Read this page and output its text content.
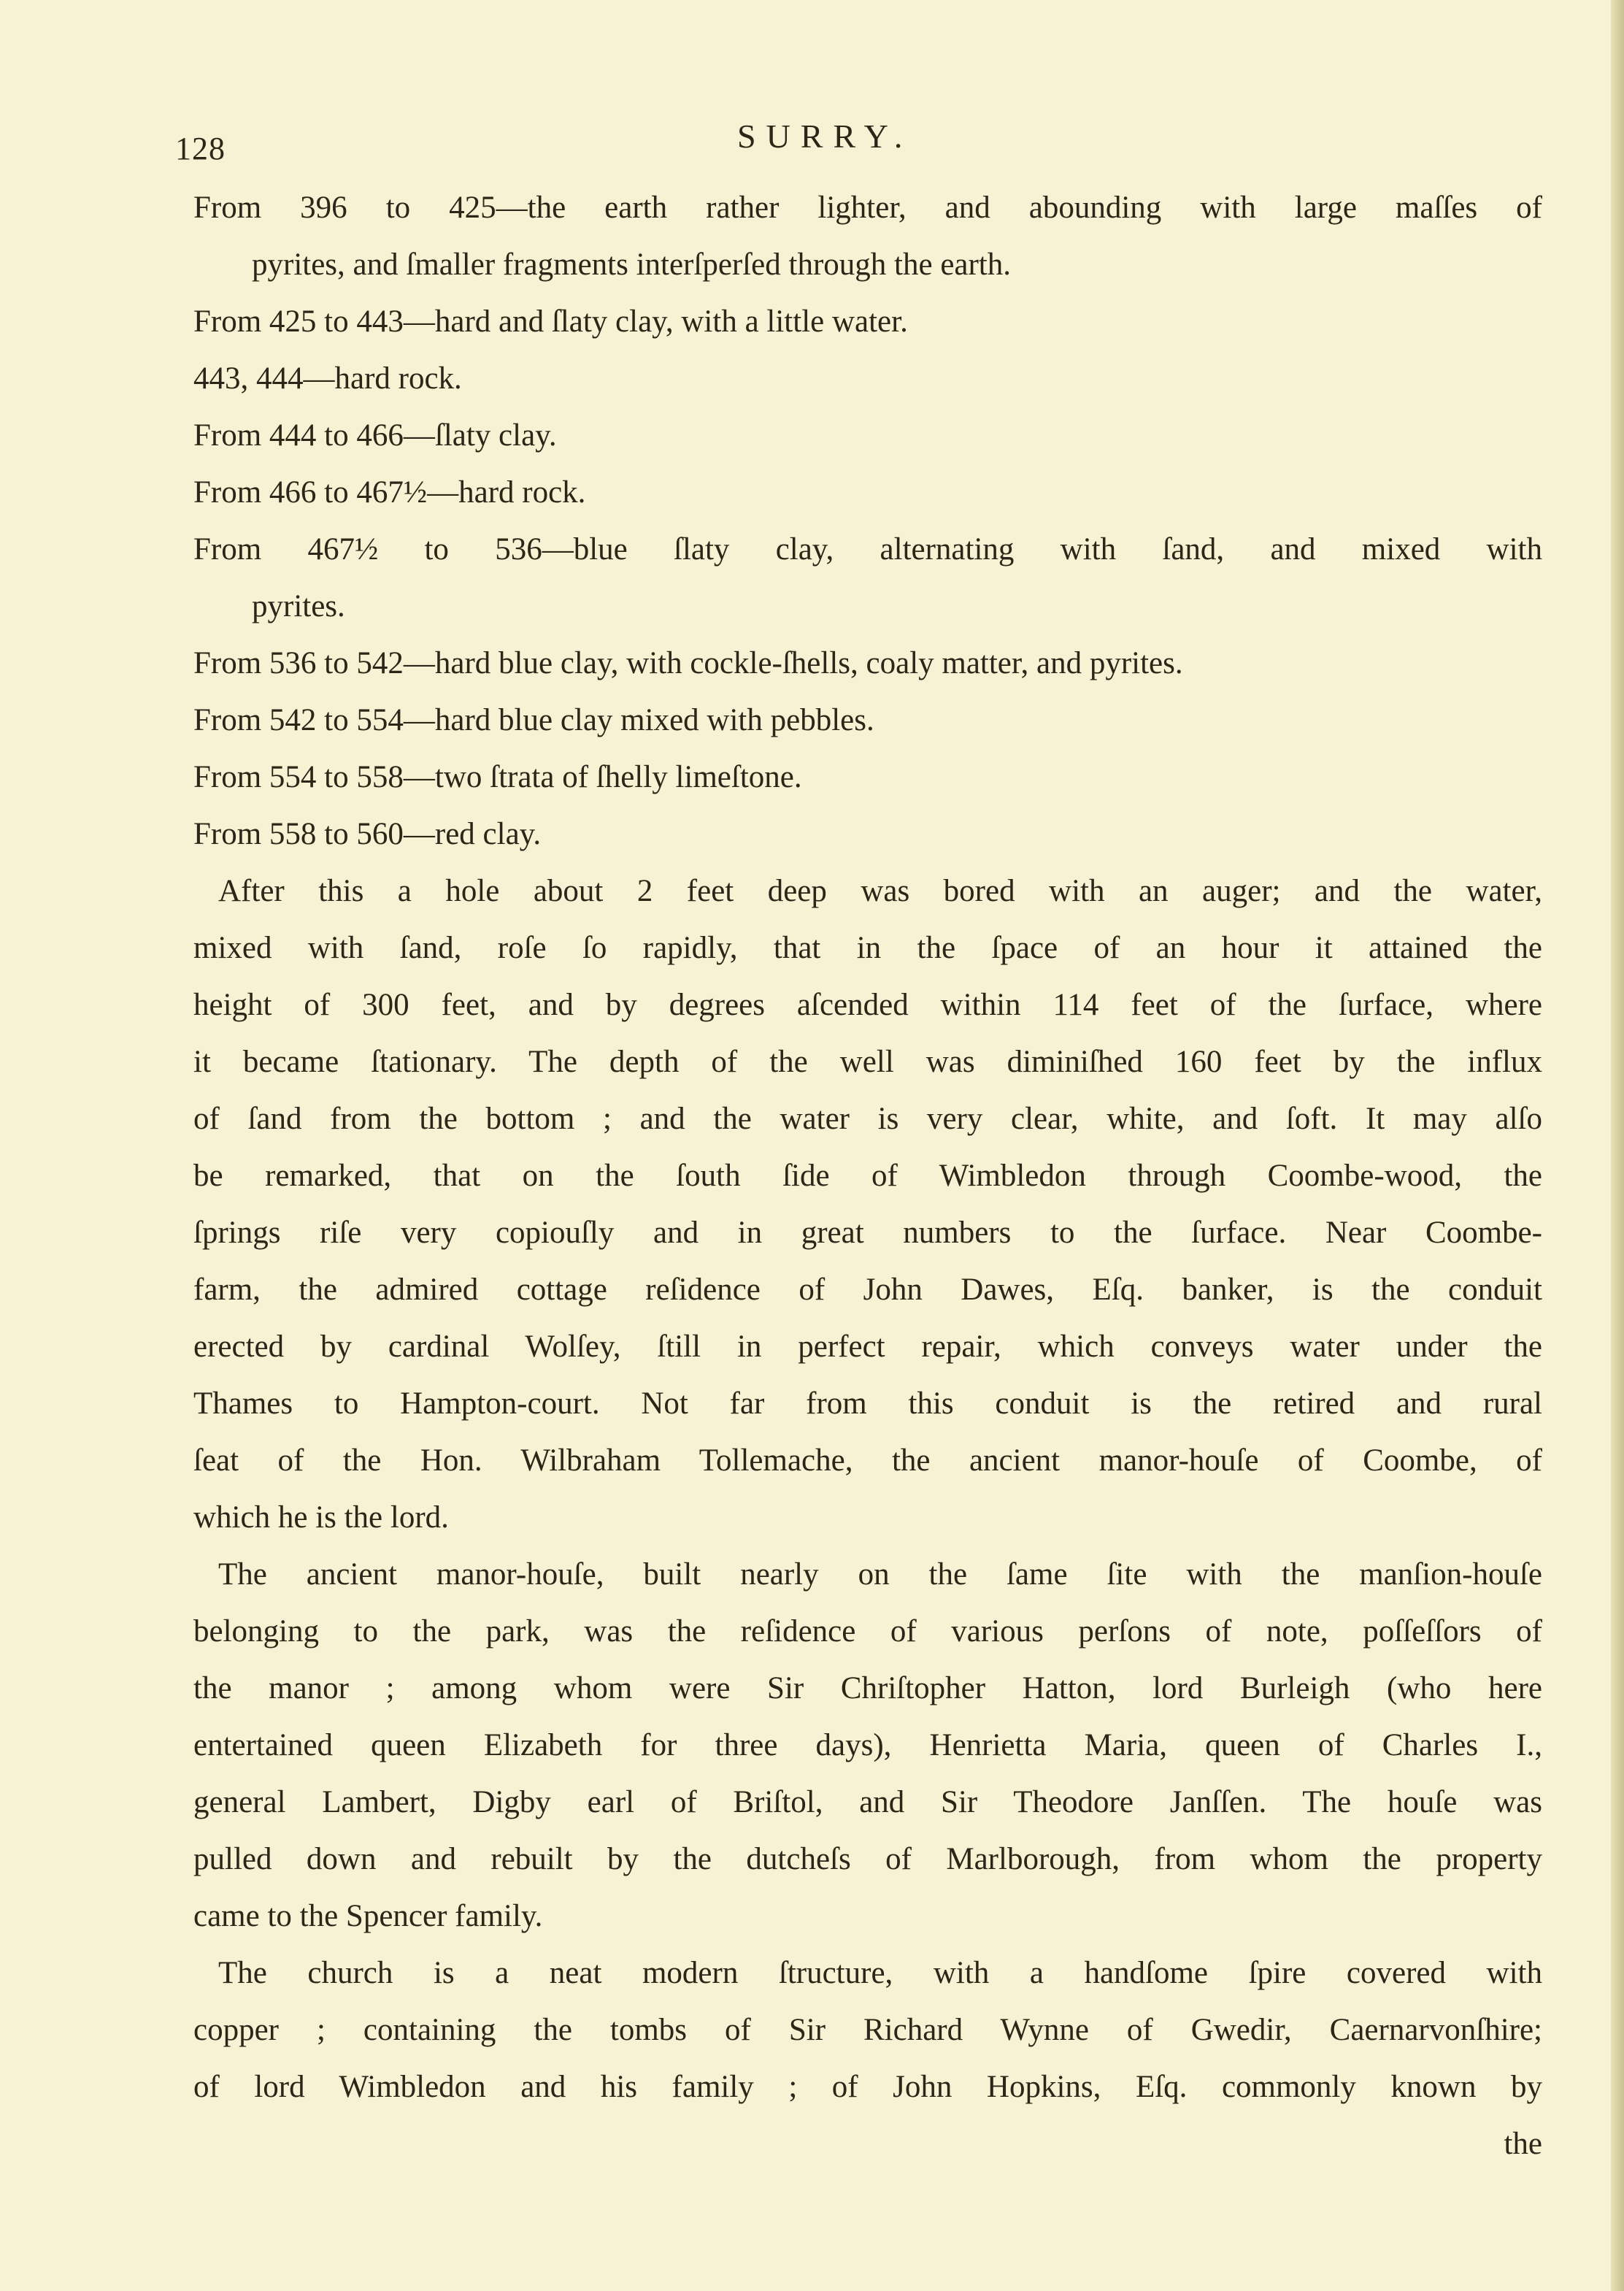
128	SURRY.
From 396 to 425—the earth rather lighter, and abounding with large maſſes of
pyrites, and ſmaller fragments interſperſed through the earth.
From 425 to 443—hard and ſlaty clay, with a little water.
443, 444—hard rock.
From 444 to 466—ſlaty clay.
From 466 to 467½—hard rock.
From 467½ to 536—blue ſlaty clay, alternating with ſand, and mixed with
pyrites.
From 536 to 542—hard blue clay, with cockle-ſhells, coaly matter, and pyrites.
From 542 to 554—hard blue clay mixed with pebbles.
From 554 to 558—two ſtrata of ſhelly limeſtone.
From 558 to 560—red clay.
After this a hole about 2 feet deep was bored with an auger; and the water,
mixed with ſand, roſe ſo rapidly, that in the ſpace of an hour it attained the
height of 300 feet, and by degrees aſcended within 114 feet of the ſurface, where
it became ſtationary. The depth of the well was diminiſhed 160 feet by the influx
of ſand from the bottom ; and the water is very clear, white, and ſoft. It may alſo
be remarked, that on the ſouth ſide of Wimbledon through Coombe-wood, the
ſprings riſe very copiouſly and in great numbers to the ſurface. Near Coombe-
farm, the admired cottage reſidence of John Dawes, Eſq. banker, is the conduit
erected by cardinal Wolſey, ſtill in perfect repair, which conveys water under the
Thames to Hampton-court. Not far from this conduit is the retired and rural
ſeat of the Hon. Wilbraham Tollemache, the ancient manor-houſe of Coombe, of
which he is the lord.
The ancient manor-houſe, built nearly on the ſame ſite with the manſion-houſe
belonging to the park, was the reſidence of various perſons of note, poſſeſſors of
the manor ; among whom were Sir Chriſtopher Hatton, lord Burleigh (who here
entertained queen Elizabeth for three days), Henrietta Maria, queen of Charles I.,
general Lambert, Digby earl of Briſtol, and Sir Theodore Janſſen. The houſe was
pulled down and rebuilt by the dutcheſs of Marlborough, from whom the property
came to the Spencer family.
The church is a neat modern ſtructure, with a handſome ſpire covered with
copper ; containing the tombs of Sir Richard Wynne of Gwedir, Caernarvonſhire;
of lord Wimbledon and his family ; of John Hopkins, Eſq. commonly known by
the
